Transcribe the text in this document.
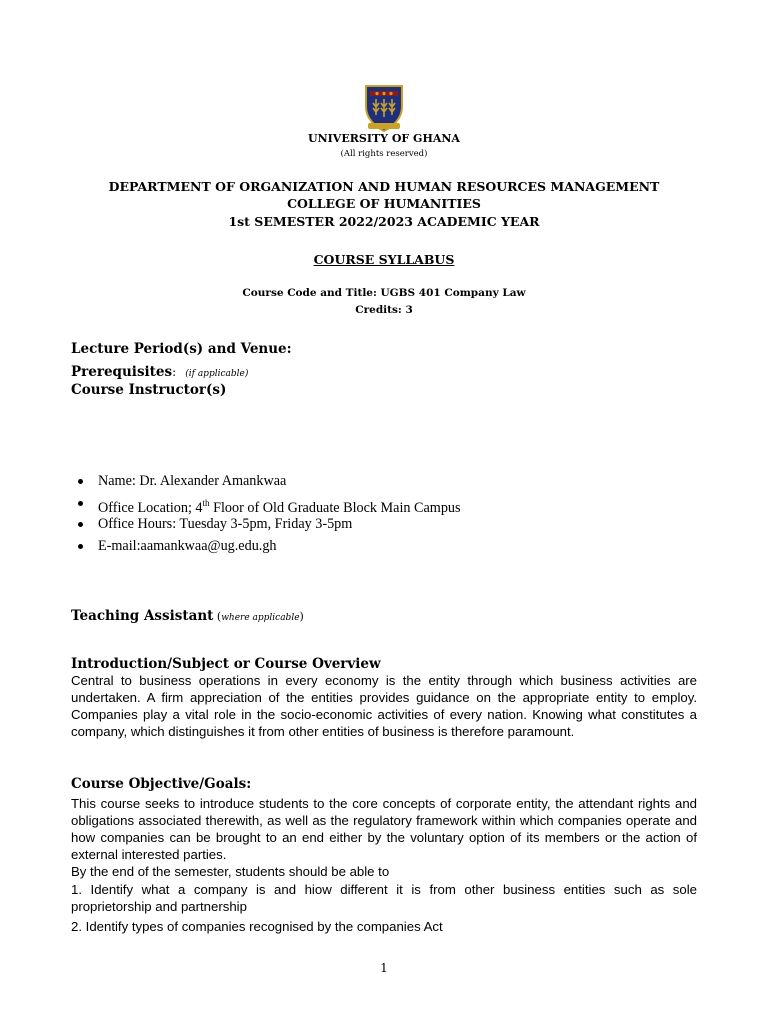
UNIVERSITY OF GHANA
(All rights reserved)
DEPARTMENT OF ORGANIZATION AND HUMAN RESOURCES MANAGEMENT
COLLEGE OF HUMANITIES
1st SEMESTER 2022/2023 ACADEMIC YEAR
COURSE SYLLABUS
Course Code and Title: UGBS 401 Company Law
Credits: 3
Lecture Period(s) and Venue:
Prerequisites: (if applicable)
Course Instructor(s)
Name: Dr. Alexander Amankwaa
Office Location; 4th Floor of Old Graduate Block Main Campus
Office Hours: Tuesday 3-5pm, Friday 3-5pm
E-mail:aamankwaa@ug.edu.gh
Teaching Assistant (where applicable)
Introduction/Subject or Course Overview
Central to business operations in every economy is the entity through which business activities are undertaken. A firm appreciation of the entities provides guidance on the appropriate entity to employ. Companies play a vital role in the socio-economic activities of every nation. Knowing what constitutes a company, which distinguishes it from other entities of business is therefore paramount.
Course Objective/Goals:
This course seeks to introduce students to the core concepts of corporate entity, the attendant rights and obligations associated therewith, as well as the regulatory framework within which companies operate and how companies can be brought to an end either by the voluntary option of its members or the action of external interested parties.
By the end of the semester, students should be able to
1. Identify what a company is and hiow different it is from other business entities such as sole proprietorship and partnership
2. Identify types of companies recognised by the companies Act
1
